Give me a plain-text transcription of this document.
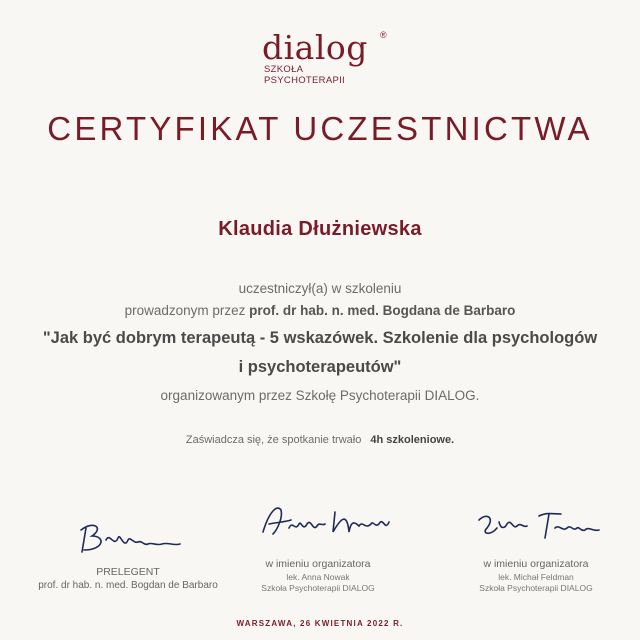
dialog ®
SZKOŁA
PSYCHOTERAPII
CERTYFIKAT UCZESTNICTWA
Klaudia Dłużniewska
uczestniczył(a) w szkoleniu
prowadzonym przez prof. dr hab. n. med. Bogdana de Barbaro
"Jak być dobrym terapeutą - 5 wskazówek. Szkolenie dla psychologów
i psychoterapeutów"
organizowanym przez Szkołę Psychoterapii DIALOG.
Zaświadcza się, że spotkanie trwało 4h szkoleniowe.
PRELEGENT
prof. dr hab. n. med. Bogdan de Barbaro
w imieniu organizatora
lek. Anna Nowak
Szkoła Psychoterapii DIALOG
w imieniu organizatora
lek. Michał Feldman
Szkoła Psychoterapii DIALOG
WARSZAWA, 26 KWIETNIA 2022 R.
